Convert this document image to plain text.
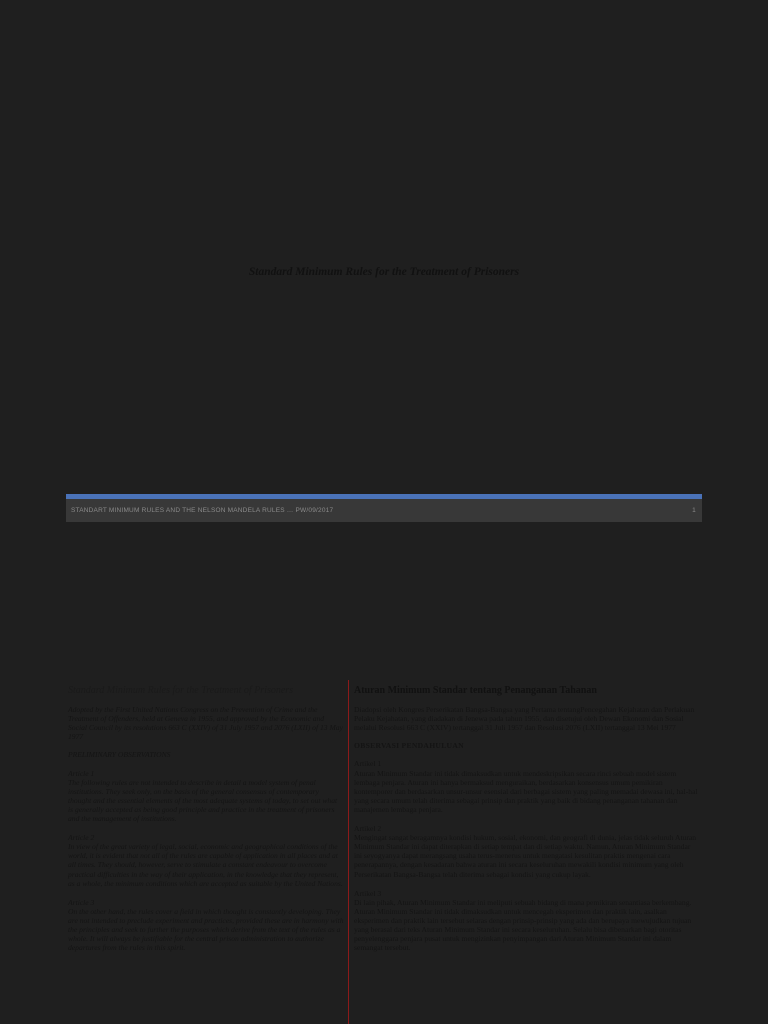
Standard Minimum Rules for the Treatment of Prisoners
STANDART MINIMUM RULES AND THE NELSON MANDELA RULES … PW/09/2017	1
Standard Minimum Rules for the Treatment of Prisoners
Adopted by the First United Nations Congress on the Prevention of Crime and the Treatment of Offenders, held at Geneva in 1955, and approved by the Economic and Social Council by its resolutions 663 C (XXIV) of 31 July 1957 and 2076 (LXII) of 13 May 1977
PRELIMINARY OBSERVATIONS
Article 1
The following rules are not intended to describe in detail a model system of penal institutions. They seek only, on the basis of the general consensus of contemporary thought and the essential elements of the most adequate systems of today, to set out what is generally accepted as being good principle and practice in the treatment of prisoners and the management of institutions.
Article 2
In view of the great variety of legal, social, economic and geographical conditions of the world, it is evident that not all of the rules are capable of application in all places and at all times. They should, however, serve to stimulate a constant endeavour to overcome practical difficulties in the way of their application, in the knowledge that they represent, as a whole, the minimum conditions which are accepted as suitable by the United Nations.
Article 3
On the other hand, the rules cover a field in which thought is constantly developing. They are not intended to preclude experiment and practices, provided these are in harmony with the principles and seek to further the purposes which derive from the text of the rules as a whole. It will always be justifiable for the central prison administration to authorize departures from the rules in this spirit.
Aturan Minimum Standar tentang Penanganan Tahanan
Diadopsi oleh Kongres Perserikatan Bangsa-Bangsa yang Pertama tentangPencegahan Kejahatan dan Perlakuan Pelaku Kejahatan, yang diadakan di Jenewa pada tahun 1955, dan disetujui oleh Dewan Ekonomi dan Sosial melalui Resolusi 663 C (XXIV) tertanggal 31 Juli 1957 dan Resolusi 2076 (LXII) tertanggal 13 Mei 1977
OBSERVASI PENDAHULUAN
Artikel 1
Aturan Minimum Standar ini tidak dimaksudkan untuk mendeskripsikan secara rinci sebuah model sistem lembaga penjara. Aturan ini hanya bermaksud menguraikan, berdasarkan konsensus umum pemikiran kontemporer dan berdasarkan unsur-unsur esensial dari berbagai sistem yang paling memadai dewasa ini, hal-hal yang secara umum telah diterima sebagai prinsip dan praktik yang baik di bidang penanganan tahanan dan manajemen lembaga penjara.
Artikel 2
Mengingat sangat beragamnya kondisi hukum, sosial, ekonomi, dan geografi di dunia, jelas tidak seluruh Aturan Minimum Standar ini dapat diterapkan di setiap tempat dan di setiap waktu. Namun, Aturan Minimum Standar ini seyogyanya dapat merangsang usaha terus-menerus untuk mengatasi kesulitan praktis mengenai cara penerapannya, dengan kesadaran bahwa aturan ini secara keseluruhan mewakili kondisi minimum yang oleh Perserikatan Bangsa-Bangsa telah diterima sebagai kondisi yang cukup layak.
Artikel 3
Di lain pihak, Aturan Minimum Standar ini meliputi sebuah bidang di mana pemikiran senantiasa berkembang. Aturan Minimum Standar ini tidak dimaksudkan untuk mencegah eksperimen dan praktik lain, asalkan eksperimen dan praktik lain tersebut selaras dengan prinsip-prinsip yang ada dan berupaya mewujudkan tujuan yang berasal dari teks Aturan Minimum Standar ini secara keseluruhan. Selalu bisa dibenarkan bagi otoritas penyelenggara penjara pusat untuk mengizinkan penyimpangan dari Aturan Minimum Standar ini dalam semangat tersebut.
